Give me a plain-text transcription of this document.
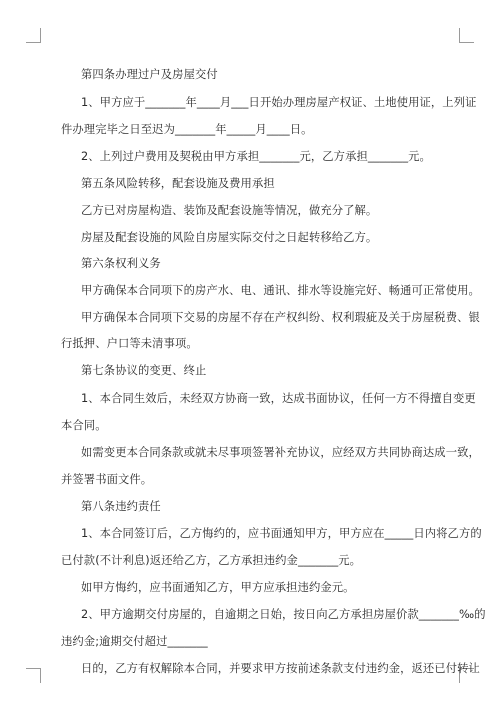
第四条办理过户及房屋交付
1、甲方应于_______年____月___日开始办理房屋产权证、土地使用证，上列证
件办理完毕之日至迟为_______年_____月____日。
2、上列过户费用及契税由甲方承担_______元，乙方承担_______元。
第五条风险转移，配套设施及费用承担
乙方已对房屋构造、装饰及配套设施等情况，做充分了解。
房屋及配套设施的风险自房屋实际交付之日起转移给乙方。
第六条权利义务
甲方确保本合同项下的房产水、电、通讯、排水等设施完好、畅通可正常使用。
甲方确保本合同项下交易的房屋不存在产权纠纷、权利瑕疵及关于房屋税费、银
行抵押、户口等未清事项。
第七条协议的变更、终止
1、本合同生效后，未经双方协商一致，达成书面协议，任何一方不得擅自变更
本合同。
如需变更本合同条款或就未尽事项签署补充协议，应经双方共同协商达成一致，
并签署书面文件。
第八条违约责任
1、本合同签订后，乙方悔约的，应书面通知甲方，甲方应在_____日内将乙方的
已付款(不计利息)返还给乙方，乙方承担违约金_______元。
如甲方悔约，应书面通知乙方，甲方应承担违约金元。
2、甲方逾期交付房屋的，自逾期之日始，按日向乙方承担房屋价款_______‰的
违约金;逾期交付超过_______
日的，乙方有权解除本合同，并要求甲方按前述条款支付违约金，返还已付转让
